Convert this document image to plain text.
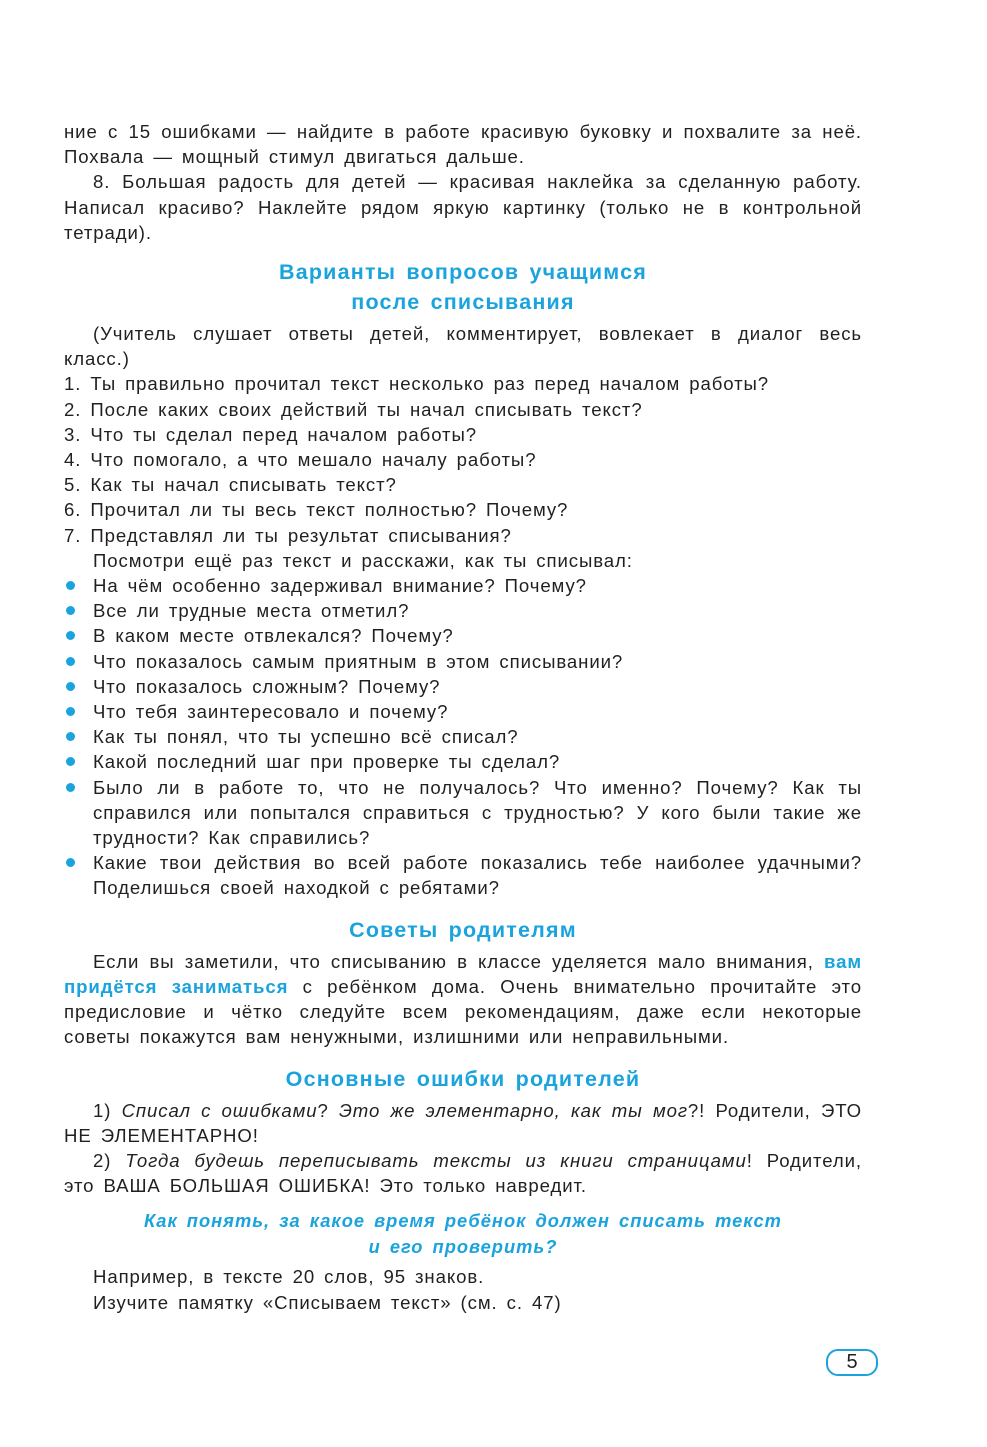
ние с 15 ошибками — найдите в работе красивую буковку и похвалите за неё. Похвала — мощный стимул двигаться дальше.

8. Большая радость для детей — красивая наклейка за сделанную работу. Написал красиво? Наклейте рядом яркую картинку (только не в контрольной тетради).

Варианты вопросов учащимся

после списывания

(Учитель слушает ответы детей, комментирует, вовлекает в диалог весь класс.)

1. Ты правильно прочитал текст несколько раз перед началом работы?

2. После каких своих действий ты начал списывать текст?

3. Что ты сделал перед началом работы?

4. Что помогало, а что мешало началу работы?

5. Как ты начал списывать текст?

6. Прочитал ли ты весь текст полностью? Почему?

7. Представлял ли ты результат списывания?

Посмотри ещё раз текст и расскажи, как ты списывал:

На чём особенно задерживал внимание? Почему?
Все ли трудные места отметил?
В каком месте отвлекался? Почему?
Что показалось самым приятным в этом списывании?
Что показалось сложным? Почему?
Что тебя заинтересовало и почему?
Как ты понял, что ты успешно всё списал?
Какой последний шаг при проверке ты сделал?
Было ли в работе то, что не получалось? Что именно? Почему? Как ты справился или попытался справиться с трудностью? У кого были такие же трудности? Как справились?
Какие твои действия во всей работе показались тебе наиболее удачными? Поделишься своей находкой с ребятами?

Советы родителям

Если вы заметили, что списыванию в классе уделяется мало внимания, вам придётся заниматься с ребёнком дома. Очень внимательно прочитайте это предисловие и чётко следуйте всем рекомендациям, даже если некоторые советы покажутся вам ненужными, излишними или неправильными.

Основные ошибки родителей

1) Списал с ошибками? Это же элементарно, как ты мог?! Родители, ЭТО НЕ ЭЛЕМЕНТАРНО!

2) Тогда будешь переписывать тексты из книги страницами! Родители, это ВАША БОЛЬШАЯ ОШИБКА! Это только навредит.

Как понять, за какое время ребёнок должен списать текст

и его проверить?

Например, в тексте 20 слов, 95 знаков.

Изучите памятку «Списываем текст» (см. с. 47)

5
